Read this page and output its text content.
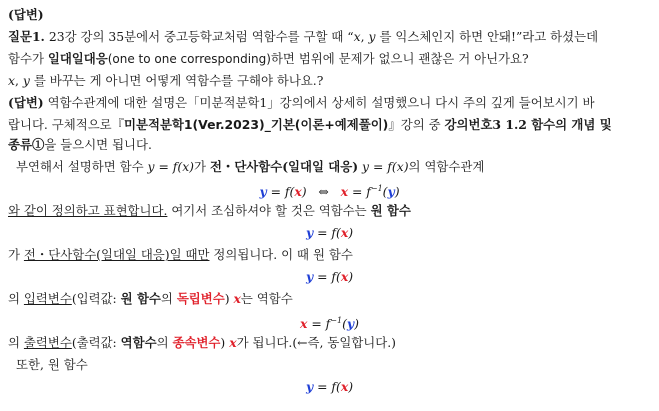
(답변)
질문1. 23강 강의 35분에서 중고등학교처럼 역함수를 구할 때 “x, y 를 익스체인지 하면 안돼!”라고 하셨는데
함수가 일대일대응(one to one corresponding)하면 범위에 문제가 없으니 괜찮은 거 아닌가요?
x, y 를 바꾸는 게 아니면 어떻게 역함수를 구해야 하나요.?
(답변) 역함수관계에 대한 설명은「미분적분학1」강의에서 상세히 설명했으니 다시 주의 깊게 들어보시기 바
랍니다. 구체적으로『미분적분학1(Ver.2023)_기본(이론+예제풀이)』강의 중 강의번호3 1.2 함수의 개념 및
종류①을 들으시면 됩니다.
부연해서 설명하면 함수 y = f(x)가 전・단사함수(일대일 대응) y = f(x)의 역함수관계
y = f(x) ⇔ $x = f^{-1}(y)$
와 같이 정의하고 표현합니다. 여기서 조심하셔야 할 것은 역함수는 원 함수
y = f(x)
가 전・단사함수(일대일 대응)일 때만 정의됩니다. 이 때 원 함수
y = f(x)
의 입력변수(입력값: 원 함수의 독립변수) x는 역함수
$x = f^{-1}(y)$
의 출력변수(출력값: 역함수의 종속변수) x가 됩니다.(←즉, 동일합니다.)
또한, 원 함수
y = f(x)
